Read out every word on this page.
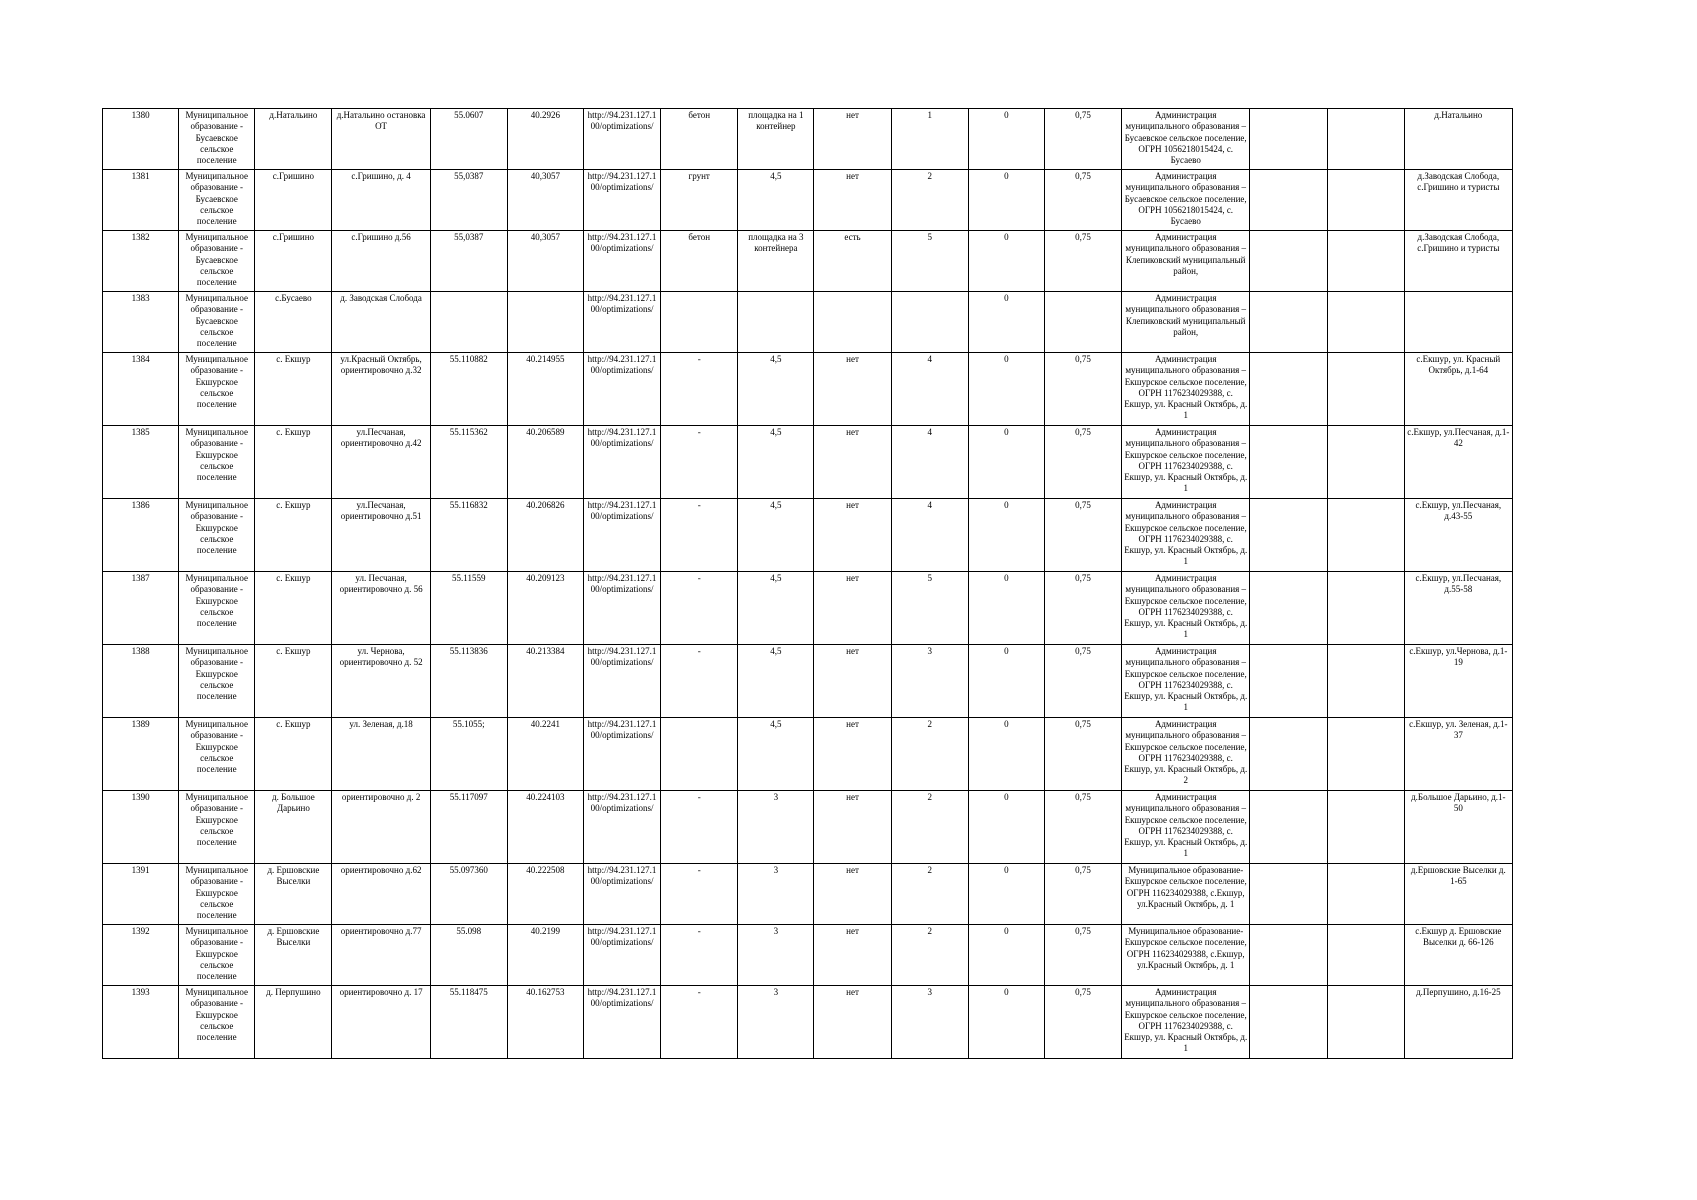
1380	Муниципальное образование - Бусаевское сельское поселение	д.Натальино	д.Натальино остановка ОТ	55.0607	40.2926	http://94.231.127.100/optimizations/	бетон	площадка на 1 контейнер	нет	1	0	0,75	Администрация муниципального образования – Бусаевское сельское поселение, ОГРН 1056218015424, с. Бусаево			д.Натальино
1381	Муниципальное образование - Бусаевское сельское поселение	с.Гришино	с.Гришино, д. 4	55,0387	40,3057	http://94.231.127.100/optimizations/	грунт	4,5	нет	2	0	0,75	Администрация муниципального образования – Бусаевское сельское поселение, ОГРН 1056218015424, с. Бусаево			д.Заводская Слобода, с.Гришино и туристы
1382	Муниципальное образование - Бусаевское сельское поселение	с.Гришино	с.Гришино д.56	55,0387	40,3057	http://94.231.127.100/optimizations/	бетон	площадка на 3 контейнера	есть	5	0	0,75	Администрация муниципального образования – Клепиковский муниципальный район,			д.Заводская Слобода, с.Гришино и туристы
1383	Муниципальное образование - Бусаевское сельское поселение	с.Бусаево	д. Заводская Слобода			http://94.231.127.100/optimizations/					0		Администрация муниципального образования – Клепиковский муниципальный район,			
1384	Муниципальное образование - Екшурское сельское поселение	с. Екшур	ул.Красный Октябрь, ориентировочно д.32	55.110882	40.214955	http://94.231.127.100/optimizations/	-	4,5	нет	4	0	0,75	Администрация муниципального образования – Екшурское сельское поселение, ОГРН 1176234029388, с. Екшур, ул. Красный Октябрь, д. 1			с.Екшур, ул. Красный Октябрь, д.1-64
1385	Муниципальное образование - Екшурское сельское поселение	с. Екшур	ул.Песчаная, ориентировочно д.42	55.115362	40.206589	http://94.231.127.100/optimizations/	-	4,5	нет	4	0	0,75	Администрация муниципального образования – Екшурское сельское поселение, ОГРН 1176234029388, с. Екшур, ул. Красный Октябрь, д. 1			с.Екшур, ул.Песчаная, д.1-42
1386	Муниципальное образование - Екшурское сельское поселение	с. Екшур	ул.Песчаная, ориентировочно д.51	55.116832	40.206826	http://94.231.127.100/optimizations/	-	4,5	нет	4	0	0,75	Администрация муниципального образования – Екшурское сельское поселение, ОГРН 1176234029388, с. Екшур, ул. Красный Октябрь, д. 1			с.Екшур, ул.Песчаная, д.43-55
1387	Муниципальное образование - Екшурское сельское поселение	с. Екшур	ул. Песчаная, ориентировочно д. 56	55.11559	40.209123	http://94.231.127.100/optimizations/	-	4,5	нет	5	0	0,75	Администрация муниципального образования – Екшурское сельское поселение, ОГРН 1176234029388, с. Екшур, ул. Красный Октябрь, д. 1			с.Екшур, ул.Песчаная, д.55-58
1388	Муниципальное образование - Екшурское сельское поселение	с. Екшур	ул. Чернова, ориентировочно д. 52	55.113836	40.213384	http://94.231.127.100/optimizations/	-	4,5	нет	3	0	0,75	Администрация муниципального образования – Екшурское сельское поселение, ОГРН 1176234029388, с. Екшур, ул. Красный Октябрь, д. 1			с.Екшур, ул.Чернова, д.1-19
1389	Муниципальное образование - Екшурское сельское поселение	с. Екшур	ул. Зеленая, д.18	55.1055;	40.2241	http://94.231.127.100/optimizations/		4,5	нет	2	0	0,75	Администрация муниципального образования – Екшурское сельское поселение, ОГРН 1176234029388, с. Екшур, ул. Красный Октябрь, д. 2			с.Екшур, ул. Зеленая, д.1-37
1390	Муниципальное образование - Екшурское сельское поселение	д. Большое Дарьино	ориентировочно д. 2	55.117097	40.224103	http://94.231.127.100/optimizations/	-	3	нет	2	0	0,75	Администрация муниципального образования – Екшурское сельское поселение, ОГРН 1176234029388, с. Екшур, ул. Красный Октябрь, д. 1			д.Большое Дарьино, д.1-50
1391	Муниципальное образование - Екшурское сельское поселение	д. Ершовские Выселки	ориентировочно д.62	55.097360	40.222508	http://94.231.127.100/optimizations/	-	3	нет	2	0	0,75	Муниципальное образование-Екшурское сельское поселение, ОГРН 116234029388, с.Екшур, ул.Красный Октябрь, д. 1			д.Ершовские Выселки д. 1-65
1392	Муниципальное образование - Екшурское сельское поселение	д. Ершовские Выселки	ориентировочно д.77	55.098	40.2199	http://94.231.127.100/optimizations/	-	3	нет	2	0	0,75	Муниципальное образование-Екшурское сельское поселение, ОГРН 116234029388, с.Екшур, ул.Красный Октябрь, д. 1			с.Екшур д. Ершовские Выселки д. 66-126
1393	Муниципальное образование - Екшурское сельское поселение	д. Перпушино	ориентировочно д. 17	55.118475	40.162753	http://94.231.127.100/optimizations/	-	3	нет	3	0	0,75	Администрация муниципального образования – Екшурское сельское поселение, ОГРН 1176234029388, с. Екшур, ул. Красный Октябрь, д. 1			д.Перпушино, д.16-25
